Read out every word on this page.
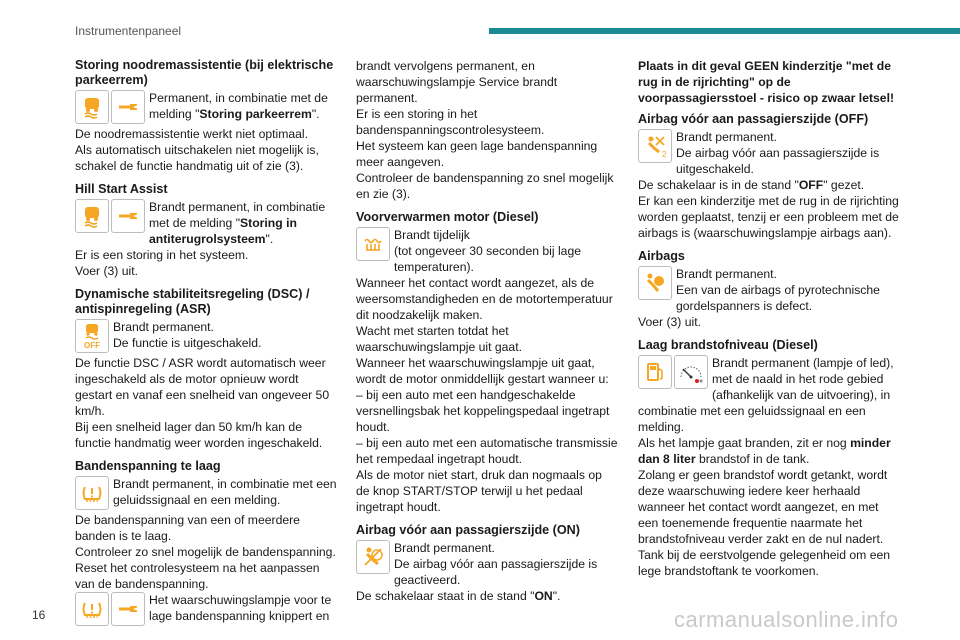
Instrumentenpaneel
Storing noodremassistentie (bij elektrische parkeerrem)

Permanent, in combinatie met de melding "Storing parkeerrem".

De noodremassistentie werkt niet optimaal.

Als automatisch uitschakelen niet mogelijk is, schakel de functie handmatig uit of zie (3).

Hill Start Assist

Brandt permanent, in combinatie met de melding "Storing in antiterugrolsysteem".

Er is een storing in het systeem.

Voer (3) uit.

Dynamische stabiliteitsregeling (DSC) / antispinregeling (ASR)
OFF

Brandt permanent.

De functie is uitgeschakeld.

De functie DSC / ASR wordt automatisch weer ingeschakeld als de motor opnieuw wordt gestart en vanaf een snelheid van ongeveer 50 km/h.

Bij een snelheid lager dan 50 km/h kan de functie handmatig weer worden ingeschakeld.

Bandenspanning te laag

Brandt permanent, in combinatie met een geluidssignaal en een melding.

De bandenspanning van een of meerdere banden is te laag.

Controleer zo snel mogelijk de bandenspanning.

Reset het controlesysteem na het aanpassen van de bandenspanning.

Het waarschuwingslampje voor te lage bandenspanning knippert en

brandt vervolgens permanent, en waarschuwingslampje Service brandt permanent.

Er is een storing in het bandenspanningscontrolesysteem.

Het systeem kan geen lage bandenspanning meer aangeven.

Controleer de bandenspanning zo snel mogelijk en zie (3).

Voorverwarmen motor (Diesel)

Brandt tijdelijk

(tot ongeveer 30 seconden bij lage temperaturen).

Wanneer het contact wordt aangezet, als de weersomstandigheden en de motortemperatuur dit noodzakelijk maken.

Wacht met starten totdat het waarschuwingslampje uit gaat.

Wanneer het waarschuwingslampje uit gaat, wordt de motor onmiddellijk gestart wanneer u:

– bij een auto met een handgeschakelde versnellingsbak het koppelingspedaal ingetrapt houdt.

– bij een auto met een automatische transmissie het rempedaal ingetrapt houdt.

Als de motor niet start, druk dan nogmaals op de knop START/STOP terwijl u het pedaal ingetrapt houdt.

Airbag vóór aan passagierszijde (ON)

Brandt permanent.

De airbag vóór aan passagierszijde is geactiveerd.

De schakelaar staat in de stand "ON".

Plaats in dit geval GEEN kinderzitje "met de rug in de rijrichting" op de voorpassagiersstoel - risico op zwaar letsel!

Airbag vóór aan passagierszijde (OFF)
2

Brandt permanent.

De airbag vóór aan passagierszijde is uitgeschakeld.

De schakelaar is in de stand "OFF" gezet.

Er kan een kinderzitje met de rug in de rijrichting worden geplaatst, tenzij er een probleem met de airbags is (waarschuwingslampje airbags aan).

Airbags

Brandt permanent.

Een van de airbags of pyrotechnische gordelspanners is defect.

Voer (3) uit.

Laag brandstofniveau (Diesel)

Brandt permanent (lampje of led), met de naald in het rode gebied (afhankelijk van de uitvoering), in combinatie met een geluidssignaal en een melding.

Als het lampje gaat branden, zit er nog minder dan 8 liter brandstof in de tank.

Zolang er geen brandstof wordt getankt, wordt deze waarschuwing iedere keer herhaald wanneer het contact wordt aangezet, en met een toenemende frequentie naarmate het brandstofniveau verder zakt en de nul nadert.

Tank bij de eerstvolgende gelegenheid om een lege brandstoftank te voorkomen.

16	carmanualsonline.info
